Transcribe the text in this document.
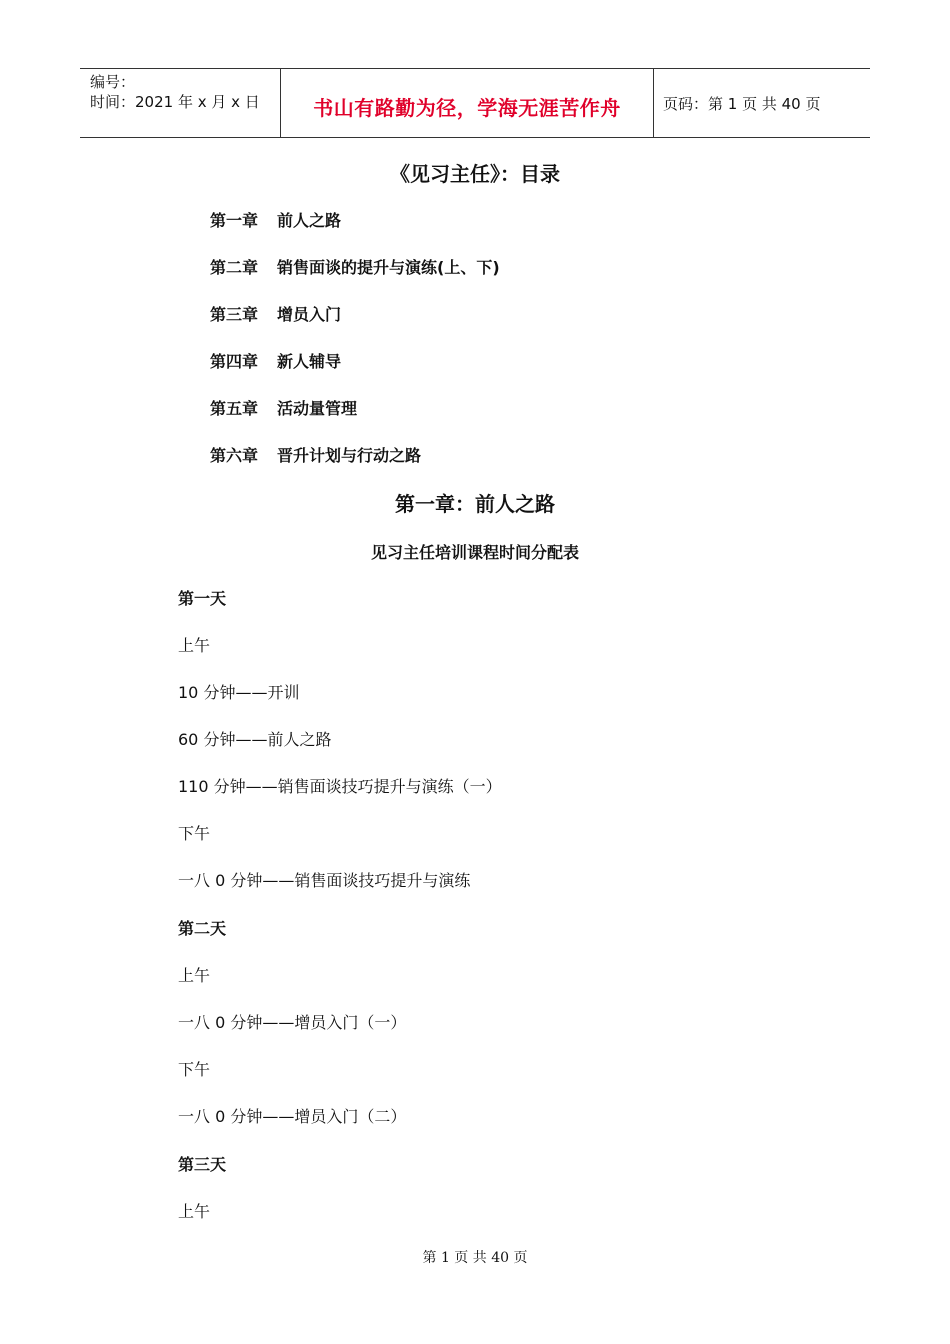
编号：
时间：2021 年 x 月 x 日	书山有路勤为径，学海无涯苦作舟	页码：第 1 页 共 40 页
《见习主任》：目录
第一章 前人之路
第二章 销售面谈的提升与演练(上、下)
第三章 增员入门
第四章 新人辅导
第五章 活动量管理
第六章 晋升计划与行动之路
第一章：前人之路
见习主任培训课程时间分配表
第一天
上午
10 分钟——开训
60 分钟——前人之路
110 分钟——销售面谈技巧提升与演练（一）
下午
一八 0 分钟——销售面谈技巧提升与演练
第二天
上午
一八 0 分钟——增员入门（一）
下午
一八 0 分钟——增员入门（二）
第三天
上午
第 1 页 共 40 页
